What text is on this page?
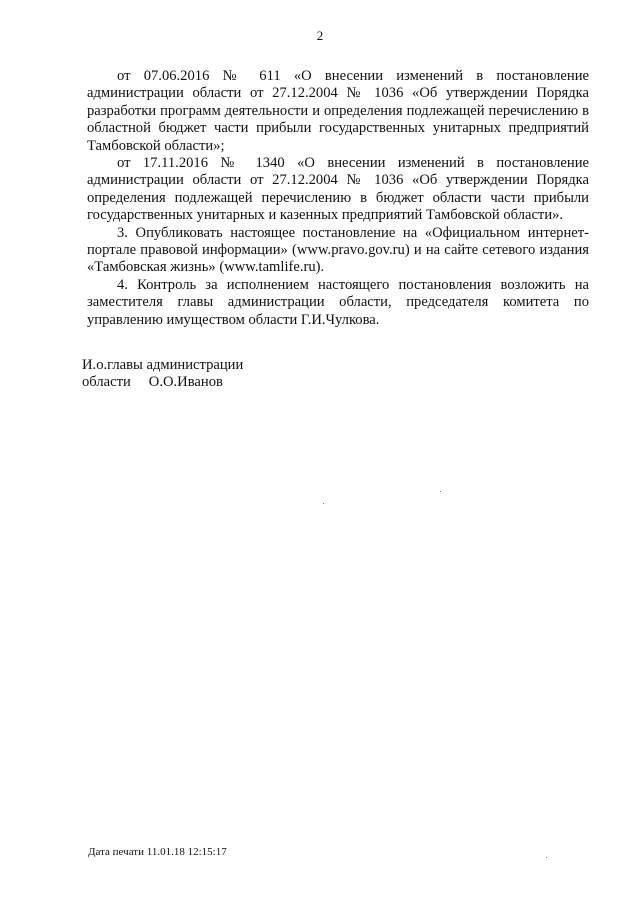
2

от 07.06.2016 № 611 «О внесении изменений в постановление администрации области от 27.12.2004 № 1036 «Об утверждении Порядка разработки программ деятельности и определения подлежащей перечислению в областной бюджет части прибыли государственных унитарных предприятий Тамбовской области»;

от 17.11.2016 № 1340 «О внесении изменений в постановление администрации области от 27.12.2004 № 1036 «Об утверждении Порядка определения подлежащей перечислению в бюджет области части прибыли государственных унитарных и казенных предприятий Тамбовской области».

3. Опубликовать настоящее постановление на «Официальном интернет-портале правовой информации» (www.pravo.gov.ru) и на сайте сетевого издания «Тамбовская жизнь» (www.tamlife.ru).

4. Контроль за исполнением настоящего постановления возложить на заместителя главы администрации области, председателя комитета по управлению имуществом области Г.И.Чулкова.

И.о.главы администрации
области О.О.Иванов
Дата печати 11.01.18 12:15:17
